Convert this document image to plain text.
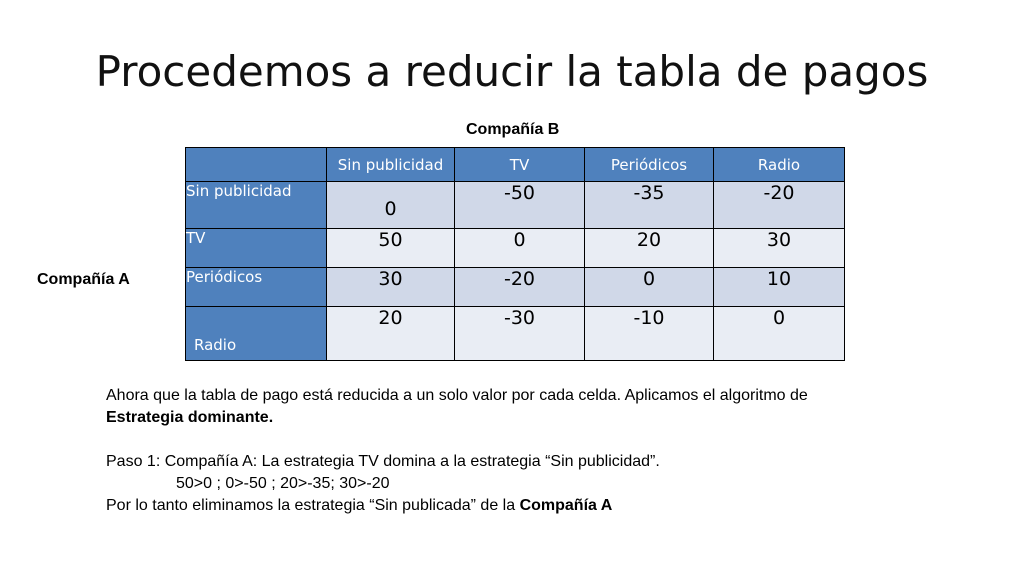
Procedemos a reducir la tabla de pagos
Compañía B
Compañía A
	Sin publicidad	TV	Periódicos	Radio
Sin publicidad	0	-50	-35	-20
TV	50	0	20	30
Periódicos	30	-20	0	10
Radio	20	-30	-10	0

Ahora que la tabla de pago está reducida a un solo valor por cada celda. Aplicamos el algoritmo de Estrategia dominante.

Paso 1: Compañía A: La estrategia TV domina a la estrategia “Sin publicidad”.

50>0 ; 0>-50 ; 20>-35; 30>-20

Por lo tanto eliminamos la estrategia “Sin publicada” de la Compañía A
